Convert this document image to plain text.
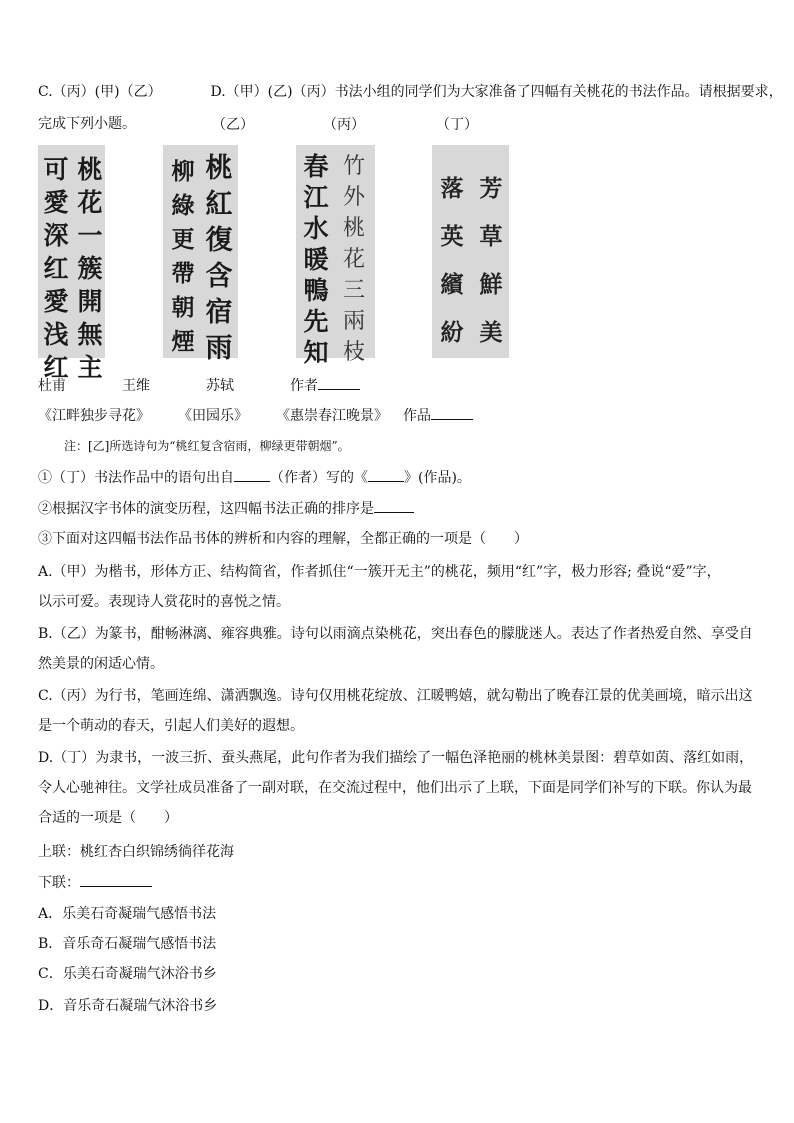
C.（丙）(甲)（乙）	D.（甲）(乙)（丙）书法小组的同学们为大家准备了四幅有关桃花的书法作品。请根据要求，
完成下列小题。	（乙）	（丙）	（丁）
桃
花
一
簇
開
無
主
可
愛
深
红
愛
浅
红
桃
紅
復
含
宿
雨
柳
綠
更
帶
朝
煙
竹
外
桃
花
三
兩
枝
春
江
水
暖
鴨
先
知
芳
草
鮮
美
落
英
繽
紛
杜甫	王维	苏轼	作者
《江畔独步寻花》 《田园乐》 《惠崇春江晚景》 作品
注：[乙]所选诗句为“桃红复含宿雨，柳绿更带朝烟”。
①（丁）书法作品中的语句出自	（作者）写的《	》(作品)。
②根据汉字书体的演变历程，这四幅书法正确的排序是
③下面对这四幅书法作品书体的辨析和内容的理解，全都正确的一项是（　　）
A.（甲）为楷书，形体方正、结构简省，作者抓住“一簇开无主”的桃花，频用“红”字，极力形容; 叠说“爱”字，
以示可爱。表现诗人赏花时的喜悦之情。
B.（乙）为篆书，酣畅淋漓、雍容典雅。诗句以雨滴点染桃花，突出春色的朦胧迷人。表达了作者热爱自然、享受自
然美景的闲适心情。
C.（丙）为行书，笔画连绵、潇洒飘逸。诗句仅用桃花绽放、江暖鸭嬉，就勾勒出了晚春江景的优美画境，暗示出这
是一个萌动的春天，引起人们美好的遐想。
D.（丁）为隶书，一波三折、蚕头燕尾，此句作者为我们描绘了一幅色泽艳丽的桃林美景图：碧草如茵、落红如雨，
令人心驰神往。文学社成员准备了一副对联，在交流过程中，他们出示了上联，下面是同学们补写的下联。你认为最
合适的一项是（　　）
上联：桃红杏白织锦绣徜徉花海
下联：
A．乐美石奇凝瑞气感悟书法
B．音乐奇石凝瑞气感悟书法
C．乐美石奇凝瑞气沐浴书乡
D．音乐奇石凝瑞气沐浴书乡
